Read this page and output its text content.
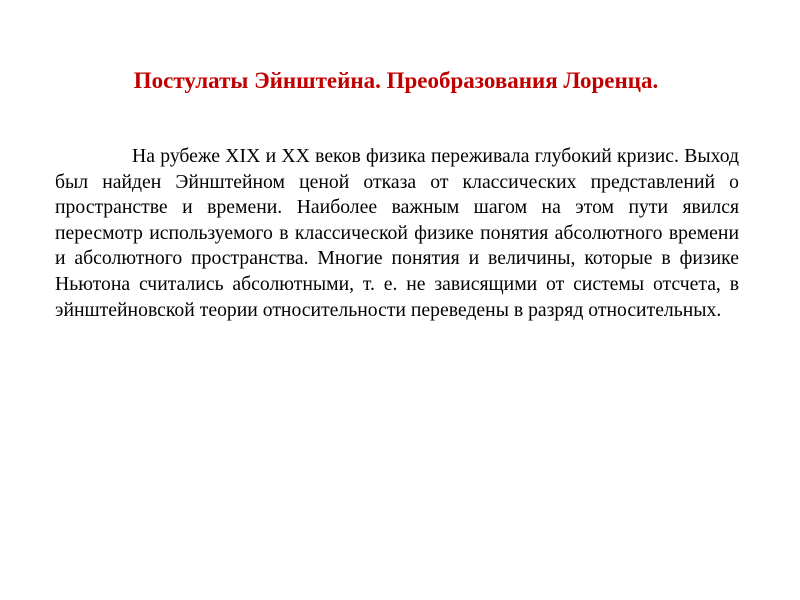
Постулаты Эйнштейна. Преобразования Лоренца.

На рубеже XIX и XX веков физика переживала глубокий кризис. Выход был найден Эйнштейном ценой отказа от классических представлений о пространстве и времени. Наиболее важным шагом на этом пути явился пересмотр используемого в классической физике понятия абсолютного времени и абсолютного пространства. Многие понятия и величины, которые в физике Ньютона считались абсолютными, т. е. не зависящими от системы отсчета, в эйнштейновской теории относительности переведены в разряд относительных.
